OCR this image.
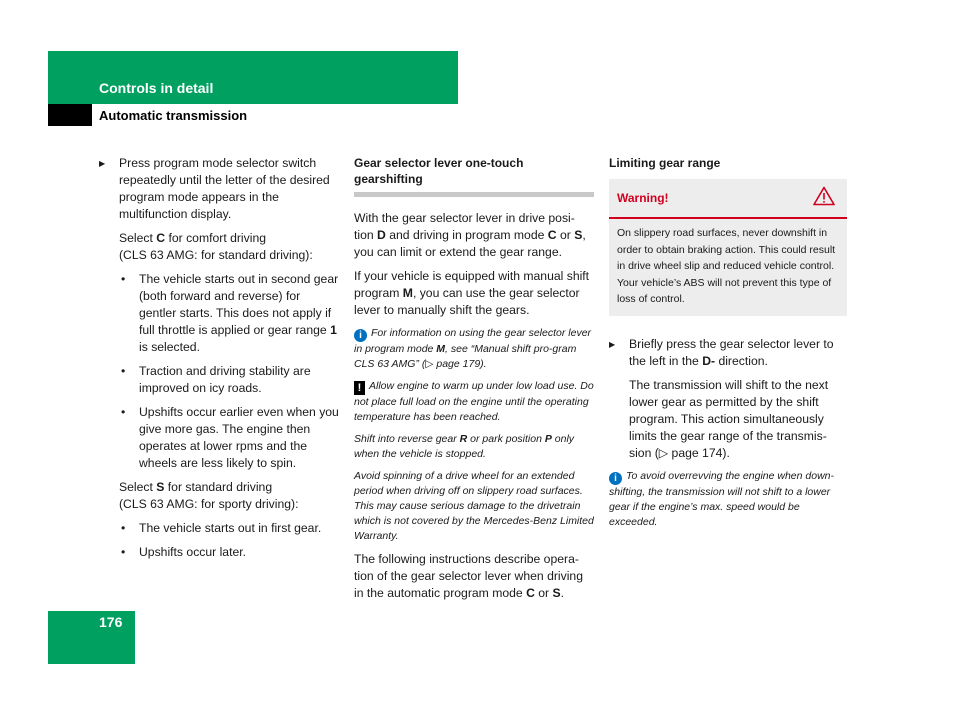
Controls in detail
Automatic transmission
▶ Press program mode selector switch repeatedly until the letter of the desired program mode appears in the multifunction display.

Select C for comfort driving
(CLS 63 AMG: for standard driving):

• The vehicle starts out in second gear (both forward and reverse) for gentler starts. This does not apply if full throttle is applied or gear range 1 is selected.
• Traction and driving stability are improved on icy roads.
• Upshifts occur earlier even when you give more gas. The engine then operates at lower rpms and the wheels are less likely to spin.

Select S for standard driving
(CLS 63 AMG: for sporty driving):

• The vehicle starts out in first gear.
• Upshifts occur later.
Gear selector lever one-touch gearshifting

With the gear selector lever in drive posi-tion D and driving in program mode C or S, you can limit or extend the gear range.

If your vehicle is equipped with manual shift program M, you can use the gear selector lever to manually shift the gears.

i For information on using the gear selector lever in program mode M, see “Manual shift pro-gram CLS 63 AMG” (▷ page 179).

! Allow engine to warm up under low load use. Do not place full load on the engine until the operating temperature has been reached.

Shift into reverse gear R or park position P only when the vehicle is stopped.

Avoid spinning of a drive wheel for an extended period when driving off on slippery road surfaces. This may cause serious damage to the drivetrain which is not covered by the Mercedes-Benz Limited Warranty.

The following instructions describe opera-tion of the gear selector lever when driving in the automatic program mode C or S.

Limiting gear range
Warning!
On slippery road surfaces, never downshift in order to obtain braking action. This could result in drive wheel slip and reduced vehicle control. Your vehicle’s ABS will not prevent this type of loss of control.
▶ Briefly press the gear selector lever to the left in the D- direction.

The transmission will shift to the next lower gear as permitted by the shift program. This action simultaneously limits the gear range of the transmis-sion (▷ page 174).

i To avoid overrevving the engine when down-shifting, the transmission will not shift to a lower gear if the engine’s max. speed would be exceeded.

176
